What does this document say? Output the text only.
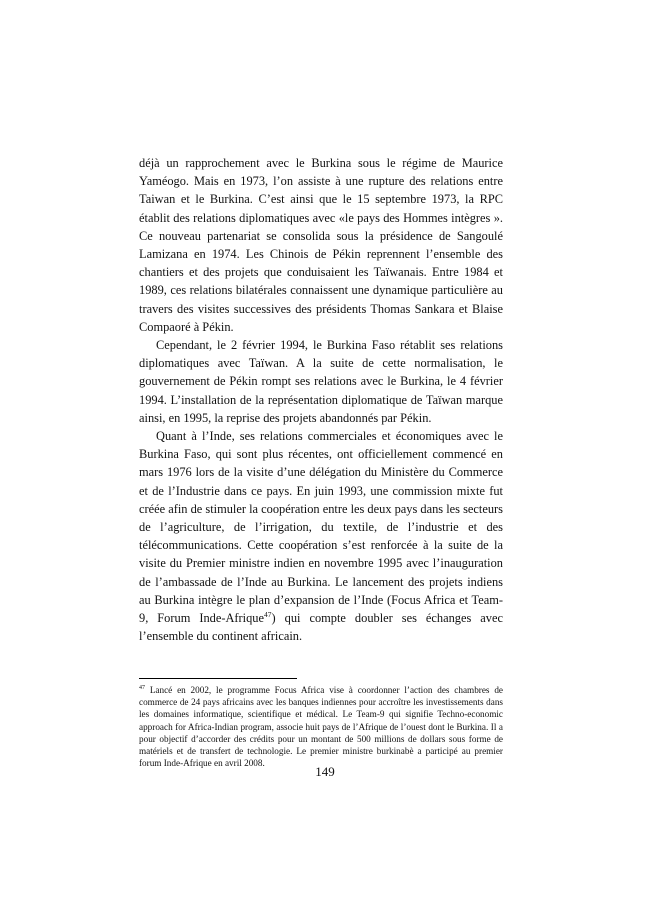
déjà un rapprochement avec le Burkina sous le régime de Maurice Yaméogo. Mais en 1973, l’on assiste à une rupture des relations entre Taiwan et le Burkina. C’est ainsi que le 15 septembre 1973, la RPC établit des relations diplomatiques avec «le pays des Hommes intègres ». Ce nouveau partenariat se consolida sous la présidence de Sangoulé Lamizana en 1974. Les Chinois de Pékin reprennent l’ensemble des chantiers et des projets que conduisaient les Taïwanais. Entre 1984 et 1989, ces relations bilatérales connaissent une dynamique particulière au travers des visites successives des présidents Thomas Sankara et Blaise Compaoré à Pékin.

Cependant, le 2 février 1994, le Burkina Faso rétablit ses relations diplomatiques avec Taïwan. A la suite de cette normalisation, le gouvernement de Pékin rompt ses relations avec le Burkina, le 4 février 1994. L’installation de la représentation diplomatique de Taïwan marque ainsi, en 1995, la reprise des projets abandonnés par Pékin.

Quant à l’Inde, ses relations commerciales et économiques avec le Burkina Faso, qui sont plus récentes, ont officiellement commencé en mars 1976 lors de la visite d’une délégation du Ministère du Commerce et de l’Industrie dans ce pays. En juin 1993, une commission mixte fut créée afin de stimuler la coopération entre les deux pays dans les secteurs de l’agriculture, de l’irrigation, du textile, de l’industrie et des télécommunications. Cette coopération s’est renforcée à la suite de la visite du Premier ministre indien en novembre 1995 avec l’inauguration de l’ambassade de l’Inde au Burkina. Le lancement des projets indiens au Burkina intègre le plan d’expansion de l’Inde (Focus Africa et Team-9, Forum Inde-Afrique$^{47}$) qui compte doubler ses échanges avec l’ensemble du continent africain.

$^{47}$ Lancé en 2002, le programme Focus Africa vise à coordonner l’action des chambres de commerce de 24 pays africains avec les banques indiennes pour accroître les investissements dans les domaines informatique, scientifique et médical. Le Team-9 qui signifie Techno-economic approach for Africa-Indian program, associe huit pays de l’Afrique de l’ouest dont le Burkina. Il a pour objectif d’accorder des crédits pour un montant de 500 millions de dollars sous forme de matériels et de transfert de technologie. Le premier ministre burkinabè a participé au premier forum Inde-Afrique en avril 2008.

149
